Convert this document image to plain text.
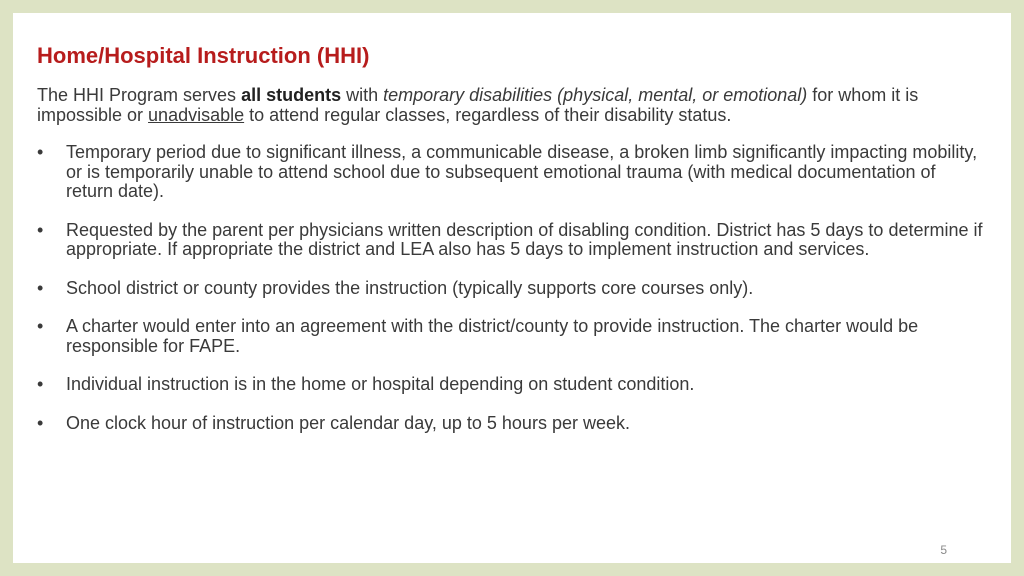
Home/Hospital Instruction (HHI)

The HHI Program serves all students with temporary disabilities (physical, mental, or emotional) for whom it is impossible or unadvisable to attend regular classes, regardless of their disability status.

• Temporary period due to significant illness, a communicable disease, a broken limb significantly impacting mobility, or is temporarily unable to attend school due to subsequent emotional trauma (with medical documentation of return date).
• Requested by the parent per physicians written description of disabling condition. District has 5 days to determine if appropriate. If appropriate the district and LEA also has 5 days to implement instruction and services.
• School district or county provides the instruction (typically supports core courses only).
• A charter would enter into an agreement with the district/county to provide instruction. The charter would be responsible for FAPE.
• Individual instruction is in the home or hospital depending on student condition.
• One clock hour of instruction per calendar day, up to 5 hours per week.
5
